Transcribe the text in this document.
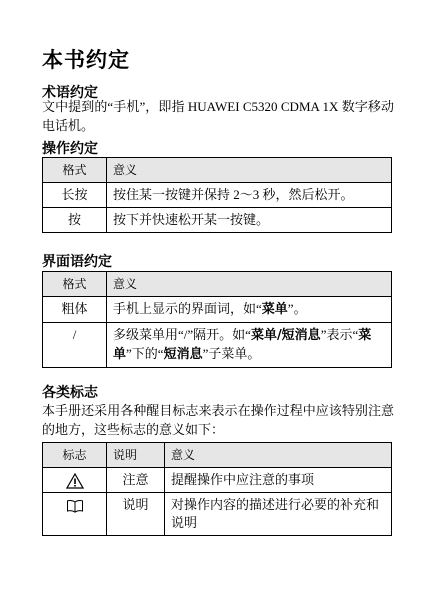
本书约定
术语约定
文中提到的“手机”，即指 HUAWEI C5320 CDMA 1X 数字移动电话机。
操作约定
格式	意义
长按	按住某一按键并保持 2～3 秒，然后松开。
按	按下并快速松开某一按键。
界面语约定
格式	意义
粗体	手机上显示的界面词，如“菜单”。
/	多级菜单用“/”隔开。如“菜单/短消息”表示“菜单”下的“短消息”子菜单。
各类标志
本手册还采用各种醒目标志来表示在操作过程中应该特别注意的地方，这些标志的意义如下：
标志	说明	意义
	注意	提醒操作中应注意的事项
	说明	对操作内容的描述进行必要的补充和说明
